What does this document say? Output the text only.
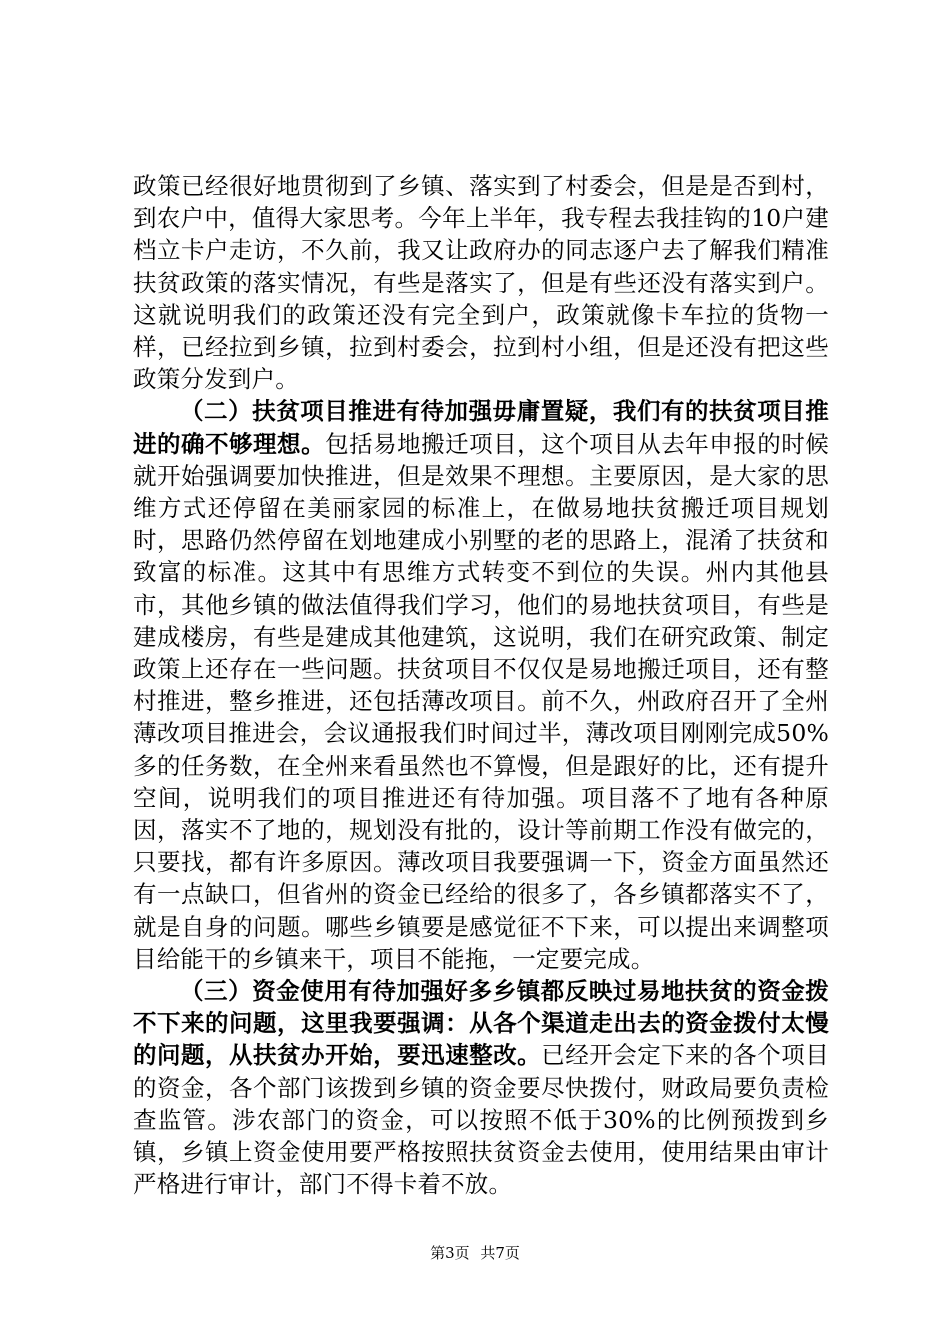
政策已经很好地贯彻到了乡镇、落实到了村委会，但是是否到村，到农户中，值得大家思考。今年上半年，我专程去我挂钩的10户建档立卡户走访，不久前，我又让政府办的同志逐户去了解我们精准扶贫政策的落实情况，有些是落实了，但是有些还没有落实到户。这就说明我们的政策还没有完全到户，政策就像卡车拉的货物一样，已经拉到乡镇，拉到村委会，拉到村小组，但是还没有把这些政策分发到户。

（二）扶贫项目推进有待加强毋庸置疑，我们有的扶贫项目推进的确不够理想。包括易地搬迁项目，这个项目从去年申报的时候就开始强调要加快推进，但是效果不理想。主要原因，是大家的思维方式还停留在美丽家园的标准上，在做易地扶贫搬迁项目规划时，思路仍然停留在划地建成小别墅的老的思路上，混淆了扶贫和致富的标准。这其中有思维方式转变不到位的失误。州内其他县市，其他乡镇的做法值得我们学习，他们的易地扶贫项目，有些是建成楼房，有些是建成其他建筑，这说明，我们在研究政策、制定政策上还存在一些问题。扶贫项目不仅仅是易地搬迁项目，还有整村推进，整乡推进，还包括薄改项目。前不久，州政府召开了全州薄改项目推进会，会议通报我们时间过半，薄改项目刚刚完成50%多的任务数，在全州来看虽然也不算慢，但是跟好的比，还有提升空间，说明我们的项目推进还有待加强。项目落不了地有各种原因，落实不了地的，规划没有批的，设计等前期工作没有做完的，只要找，都有许多原因。薄改项目我要强调一下，资金方面虽然还有一点缺口，但省州的资金已经给的很多了，各乡镇都落实不了，就是自身的问题。哪些乡镇要是感觉征不下来，可以提出来调整项目给能干的乡镇来干，项目不能拖，一定要完成。

（三）资金使用有待加强好多乡镇都反映过易地扶贫的资金拨不下来的问题，这里我要强调：从各个渠道走出去的资金拨付太慢的问题，从扶贫办开始，要迅速整改。已经开会定下来的各个项目的资金，各个部门该拨到乡镇的资金要尽快拨付，财政局要负责检查监管。涉农部门的资金，可以按照不低于30%的比例预拨到乡镇，乡镇上资金使用要严格按照扶贫资金去使用，使用结果由审计严格进行审计，部门不得卡着不放。

第3页 共7页
